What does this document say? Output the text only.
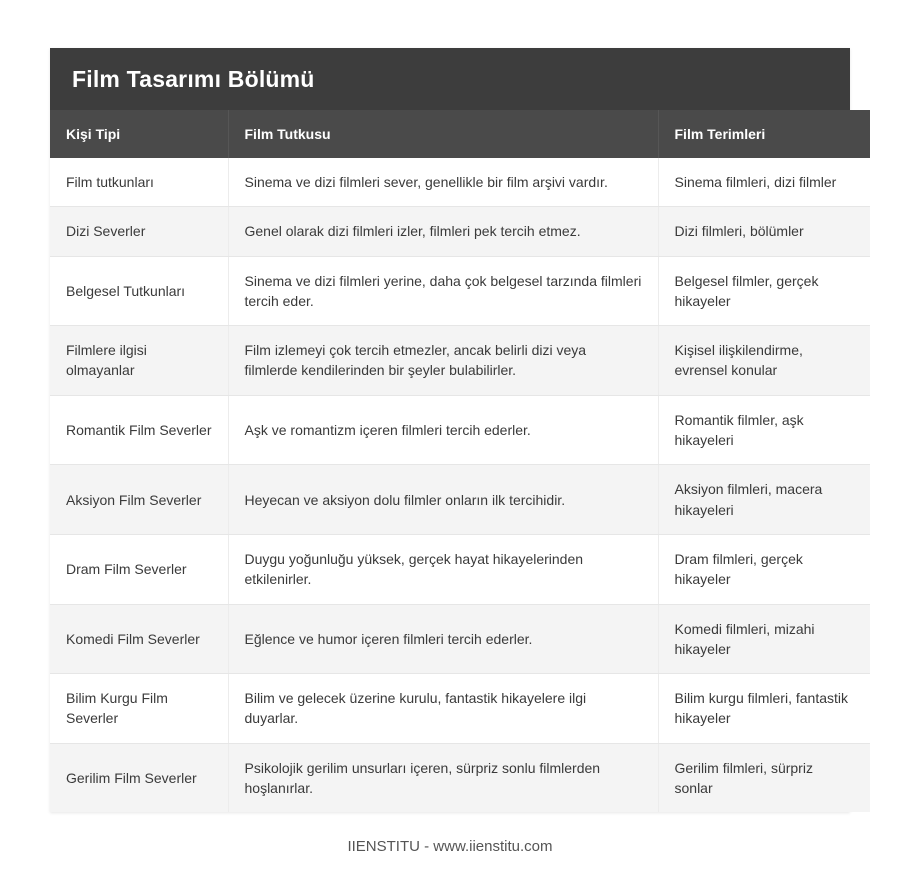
Film Tasarımı Bölümü
Kişi Tipi	Film Tutkusu	Film Terimleri
Film tutkunları	Sinema ve dizi filmleri sever, genellikle bir film arşivi vardır.	Sinema filmleri, dizi filmler
Dizi Severler	Genel olarak dizi filmleri izler, filmleri pek tercih etmez.	Dizi filmleri, bölümler
Belgesel Tutkunları	Sinema ve dizi filmleri yerine, daha çok belgesel tarzında filmleri tercih eder.	Belgesel filmler, gerçek hikayeler
Filmlere ilgisi olmayanlar	Film izlemeyi çok tercih etmezler, ancak belirli dizi veya filmlerde kendilerinden bir şeyler bulabilirler.	Kişisel ilişkilendirme, evrensel konular
Romantik Film Severler	Aşk ve romantizm içeren filmleri tercih ederler.	Romantik filmler, aşk hikayeleri
Aksiyon Film Severler	Heyecan ve aksiyon dolu filmler onların ilk tercihidir.	Aksiyon filmleri, macera hikayeleri
Dram Film Severler	Duygu yoğunluğu yüksek, gerçek hayat hikayelerinden etkilenirler.	Dram filmleri, gerçek hikayeler
Komedi Film Severler	Eğlence ve humor içeren filmleri tercih ederler.	Komedi filmleri, mizahi hikayeler
Bilim Kurgu Film Severler	Bilim ve gelecek üzerine kurulu, fantastik hikayelere ilgi duyarlar.	Bilim kurgu filmleri, fantastik hikayeler
Gerilim Film Severler	Psikolojik gerilim unsurları içeren, sürpriz sonlu filmlerden hoşlanırlar.	Gerilim filmleri, sürpriz sonlar
IIENSTITU - www.iienstitu.com
